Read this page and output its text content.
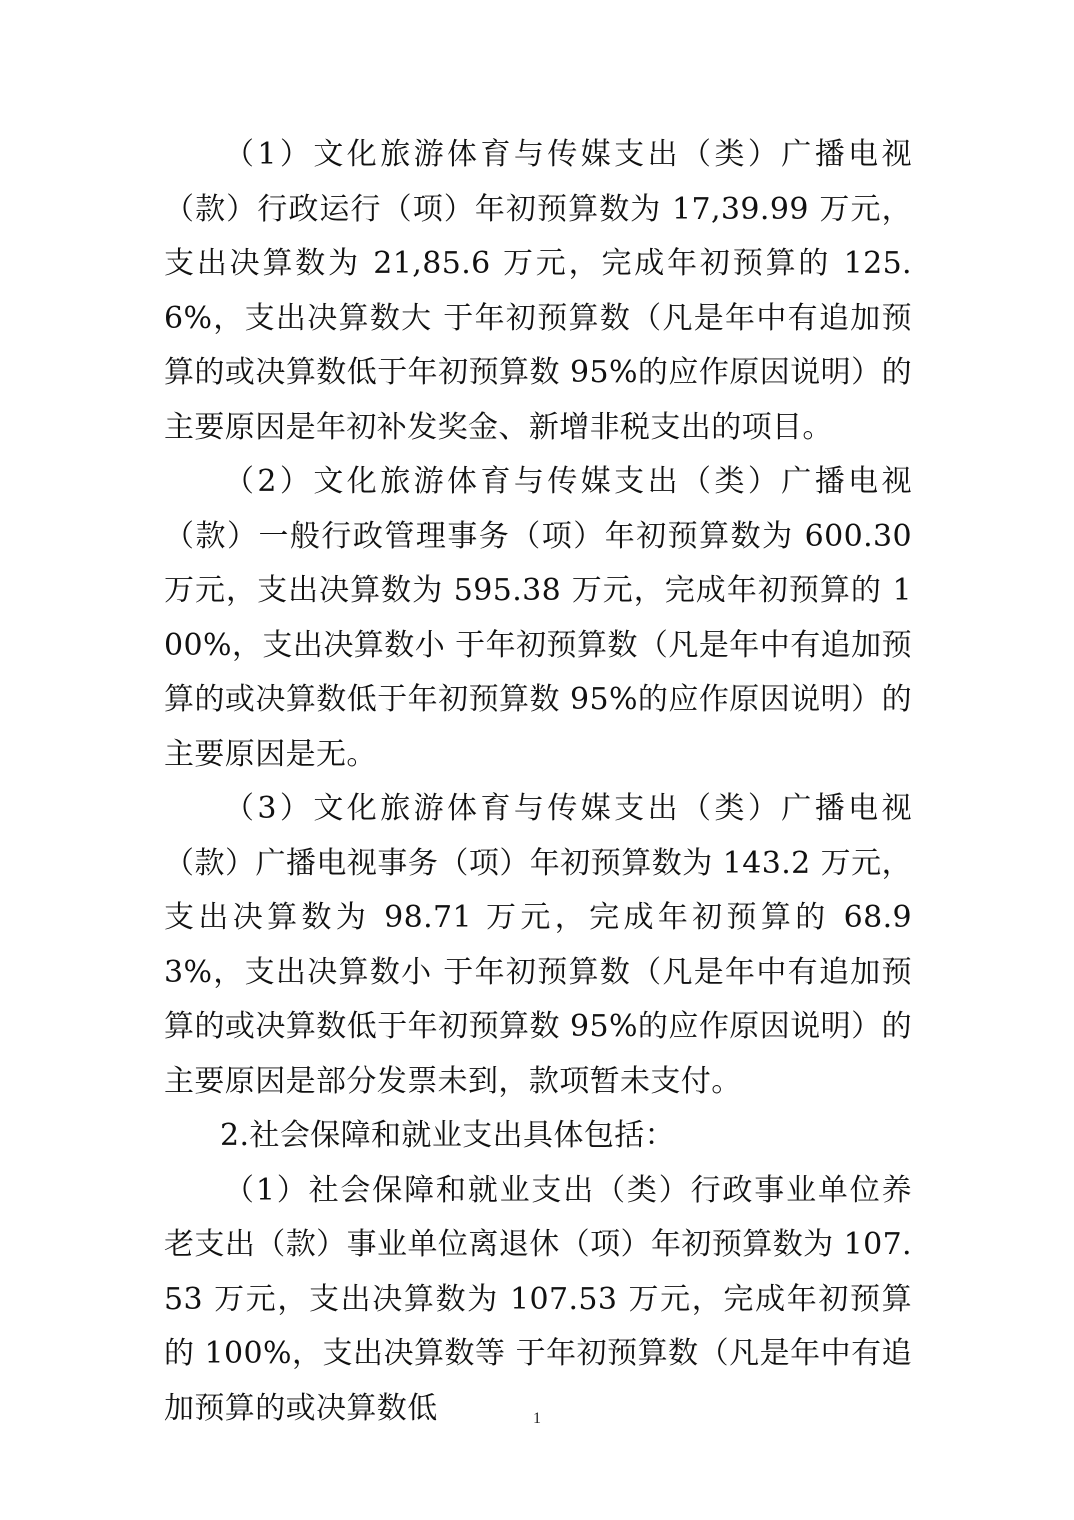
（1）文化旅游体育与传媒支出（类）广播电视（款）行政运行（项）年初预算数为 17,39.99 万元，支出决算数为 21,85.6 万元，完成年初预算的 125.6%，支出决算数大 于年初预算数（凡是年中有追加预算的或决算数低于年初预算数 95%的应作原因说明）的主要原因是年初补发奖金、新增非税支出的项目。

（2）文化旅游体育与传媒支出（类）广播电视（款）一般行政管理事务（项）年初预算数为 600.30 万元，支出决算数为 595.38 万元，完成年初预算的 100%，支出决算数小 于年初预算数（凡是年中有追加预算的或决算数低于年初预算数 95%的应作原因说明）的主要原因是无。

（3）文化旅游体育与传媒支出（类）广播电视（款）广播电视事务（项）年初预算数为 143.2 万元，支出决算数为 98.71 万元，完成年初预算的 68.93%，支出决算数小 于年初预算数（凡是年中有追加预算的或决算数低于年初预算数 95%的应作原因说明）的主要原因是部分发票未到，款项暂未支付。

2.社会保障和就业支出具体包括：

（1）社会保障和就业支出（类）行政事业单位养老支出（款）事业单位离退休（项）年初预算数为 107.53 万元，支出决算数为 107.53 万元，完成年初预算的 100%，支出决算数等 于年初预算数（凡是年中有追加预算的或决算数低	1
